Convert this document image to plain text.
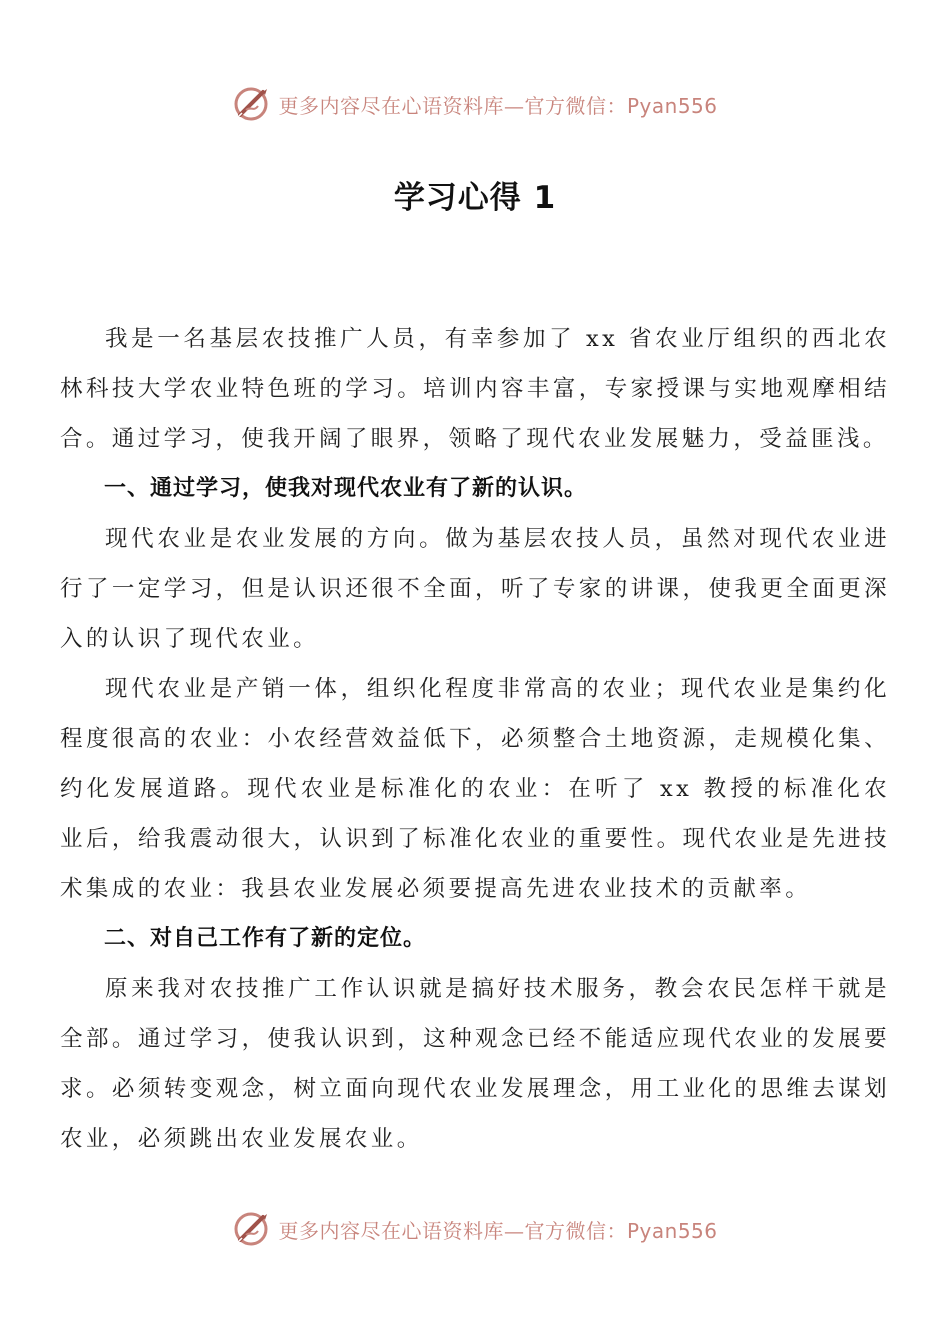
更多内容尽在心语资料库—官方微信：Pyan556
学习心得 1

我是一名基层农技推广人员，有幸参加了 xx 省农业厅组织的西北农林科技大学农业特色班的学习。培训内容丰富，专家授课与实地观摩相结合。通过学习，使我开阔了眼界，领略了现代农业发展魅力，受益匪浅。

一、通过学习，使我对现代农业有了新的认识。

现代农业是农业发展的方向。做为基层农技人员，虽然对现代农业进行了一定学习，但是认识还很不全面，听了专家的讲课，使我更全面更深入的认识了现代农业。

现代农业是产销一体，组织化程度非常高的农业；现代农业是集约化程度很高的农业：小农经营效益低下，必须整合土地资源，走规模化集、约化发展道路。现代农业是标准化的农业：在听了 xx 教授的标准化农业后，给我震动很大，认识到了标准化农业的重要性。现代农业是先进技术集成的农业：我县农业发展必须要提高先进农业技术的贡献率。

二、对自己工作有了新的定位。

原来我对农技推广工作认识就是搞好技术服务，教会农民怎样干就是全部。通过学习，使我认识到，这种观念已经不能适应现代农业的发展要求。必须转变观念，树立面向现代农业发展理念，用工业化的思维去谋划农业，必须跳出农业发展农业。

更多内容尽在心语资料库—官方微信：Pyan556
